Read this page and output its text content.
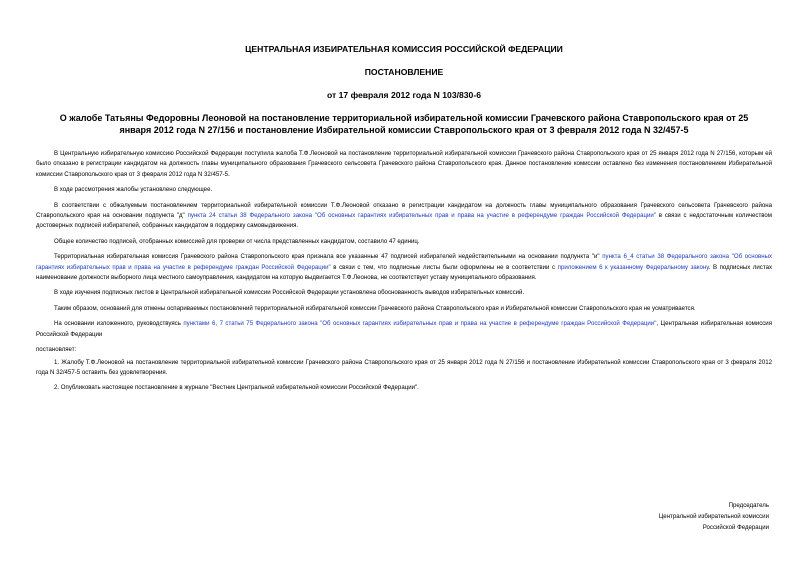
ЦЕНТРАЛЬНАЯ ИЗБИРАТЕЛЬНАЯ КОМИССИЯ РОССИЙСКОЙ ФЕДЕРАЦИИ
ПОСТАНОВЛЕНИЕ
от 17 февраля 2012 года N 103/830-6
О жалобе Татьяны Федоровны Леоновой на постановление территориальной избирательной комиссии Грачевского района Ставропольского края от 25 января 2012 года N 27/156 и постановление Избирательной комиссии Ставропольского края от 3 февраля 2012 года N 32/457-5
В Центральную избирательную комиссию Российской Федерации поступила жалоба Т.Ф.Леоновой на постановление территориальной избирательной комиссии Грачевского района Ставропольского края от 25 января 2012 года N 27/156, которым ей было отказано в регистрации кандидатом на должность главы муниципального образования Грачевского сельсовета Грачевского района Ставропольского края. Данное постановление комиссии оставлено без изменения постановлением Избирательной комиссии Ставропольского края от 3 февраля 2012 года N 32/457-5.
В ходе рассмотрения жалобы установлено следующее.
В соответствии с обжалуемым постановлением территориальной избирательной комиссии Т.Ф.Леоновой отказано в регистрации кандидатом на должность главы муниципального образования Грачевского сельсовета Грачевского района Ставропольского края на основании подпункта "д" пункта 24 статьи 38 Федерального закона "Об основных гарантиях избирательных прав и права на участие в референдуме граждан Российской Федерации" в связи с недостаточным количеством достоверных подписей избирателей, собранных кандидатом в поддержку самовыдвижения.
Общее количество подписей, отобранных комиссией для проверки от числа представленных кандидатом, составило 47 единиц.
Территориальная избирательная комиссия Грачевского района Ставропольского края признала все указанные 47 подписей избирателей недействительными на основании подпункта "и" пункта 6_4 статьи 38 Федерального закона "Об основных гарантиях избирательных прав и права на участие в референдуме граждан Российской Федерации" в связи с тем, что подписные листы были оформлены не в соответствии с приложением 6 к указанному Федеральному закону. В подписных листах наименование должности выборного лица местного самоуправления, кандидатом на которую выдвигается Т.Ф.Леонова, не соответствует уставу муниципального образования.
В ходе изучения подписных листов в Центральной избирательной комиссии Российской Федерации установлена обоснованность выводов избирательных комиссий.
Таким образом, оснований для отмены оспариваемых постановлений территориальной избирательной комиссии Грачевского района Ставропольского края и Избирательной комиссии Ставропольского края не усматривается.
На основании изложенного, руководствуясь пунктами 6, 7 статьи 75 Федерального закона "Об основных гарантиях избирательных прав и права на участие в референдуме граждан Российской Федерации", Центральная избирательная комиссия Российской Федерации
постановляет:
1. Жалобу Т.Ф.Леоновой на постановление территориальной избирательной комиссии Грачевского района Ставропольского края от 25 января 2012 года N 27/156 и постановление Избирательной комиссии Ставропольского края от 3 февраля 2012 года N 32/457-5 оставить без удовлетворения.
2. Опубликовать настоящее постановление в журнале "Вестник Центральной избирательной комиссии Российской Федерации".
Председатель
Центральной избирательной комиссии
Российской Федерации
